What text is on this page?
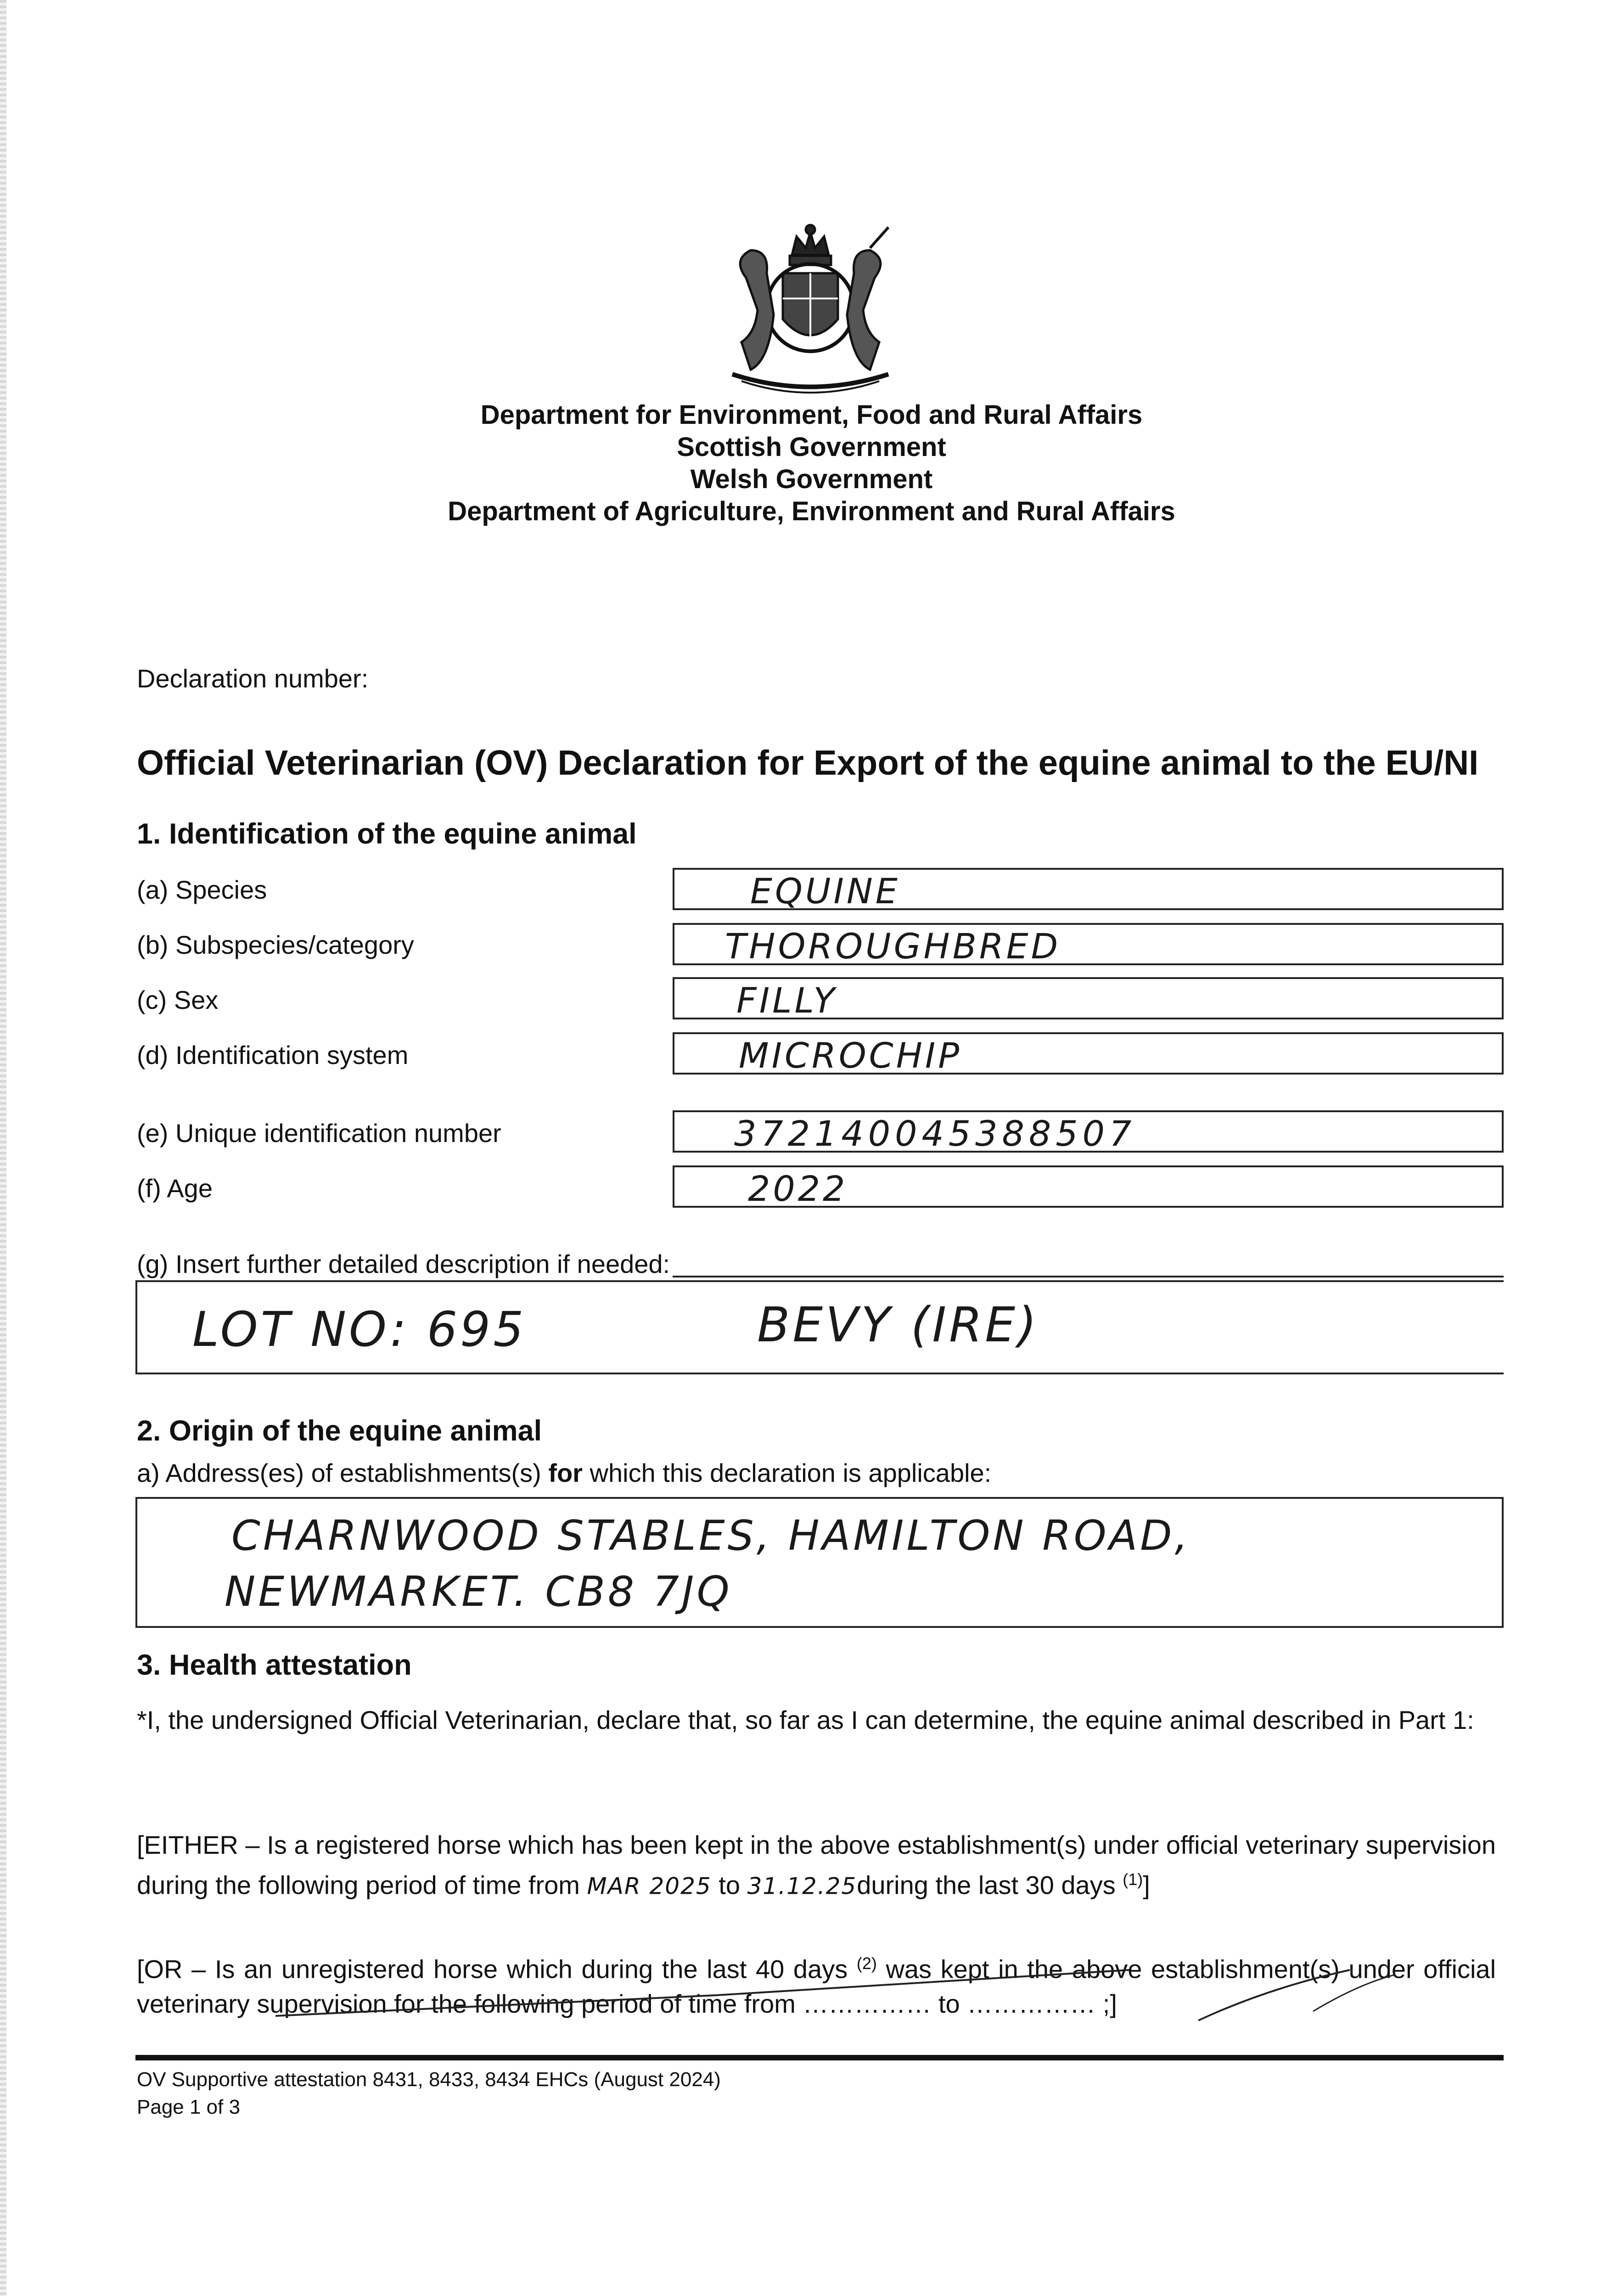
Department for Environment, Food and Rural Affairs
Scottish Government
Welsh Government
Department of Agriculture, Environment and Rural Affairs
Declaration number:
Official Veterinarian (OV) Declaration for Export of the equine animal to the EU/NI
1. Identification of the equine animal
(a) Species	EQUINE
(b) Subspecies/category	THOROUGHBRED
(c) Sex	FILLY
(d) Identification system	MICROCHIP
(e) Unique identification number	372140045388507
(f) Age	2022
(g) Insert further detailed description if needed:
LOT NO: 695	BEVY (IRE)
2. Origin of the equine animal
a) Address(es) of establishments(s) for which this declaration is applicable:
CHARNWOOD STABLES, HAMILTON ROAD,
NEWMARKET. CB8 7JQ
3. Health attestation
*I, the undersigned Official Veterinarian, declare that, so far as I can determine, the equine animal described in Part 1:
[EITHER – Is a registered horse which has been kept in the above establishment(s) under official veterinary supervision during the following period of time from MAR 2025 to 31.12.25during the last 30 days $^{(1)}$]
[OR – Is an unregistered horse which during the last 40 days $^{(2)}$ was kept in the above establishment(s) under official veterinary supervision for the following period of time from …………… to …………… ;]
OV Supportive attestation 8431, 8433, 8434 EHCs (August 2024)
Page 1 of 3
